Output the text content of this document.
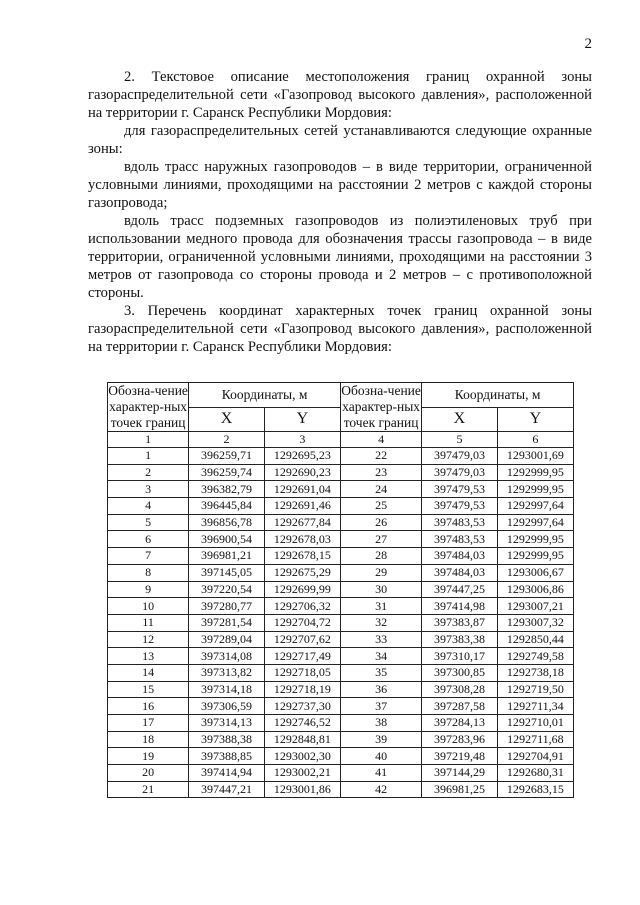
2

2. Текстовое описание местоположения границ охранной зоны газораспределительной сети «Газопровод высокого давления», расположенной на территории г. Саранск Республики Мордовия:

для газораспределительных сетей устанавливаются следующие охранные зоны:

вдоль трасс наружных газопроводов – в виде территории, ограниченной условными линиями, проходящими на расстоянии 2 метров с каждой стороны газопровода;

вдоль трасс подземных газопроводов из полиэтиленовых труб при использовании медного провода для обозначения трассы газопровода – в виде территории, ограниченной условными линиями, проходящими на расстоянии 3 метров от газопровода со стороны провода и 2 метров – с противоположной стороны.

3. Перечень координат характерных точек границ охранной зоны газораспределительной сети «Газопровод высокого давления», расположенной на территории г. Саранск Республики Мордовия:

Обозна-чение характер-ных точек границ	Координаты, м		Обозна-чение характер-ных точек границ	Координаты, м	
	X	Y		X	Y
1	2	3	4	5	6
1	396259,71	1292695,23	22	397479,03	1293001,69
2	396259,74	1292690,23	23	397479,03	1292999,95
3	396382,79	1292691,04	24	397479,53	1292999,95
4	396445,84	1292691,46	25	397479,53	1292997,64
5	396856,78	1292677,84	26	397483,53	1292997,64
6	396900,54	1292678,03	27	397483,53	1292999,95
7	396981,21	1292678,15	28	397484,03	1292999,95
8	397145,05	1292675,29	29	397484,03	1293006,67
9	397220,54	1292699,99	30	397447,25	1293006,86
10	397280,77	1292706,32	31	397414,98	1293007,21
11	397281,54	1292704,72	32	397383,87	1293007,32
12	397289,04	1292707,62	33	397383,38	1292850,44
13	397314,08	1292717,49	34	397310,17	1292749,58
14	397313,82	1292718,05	35	397300,85	1292738,18
15	397314,18	1292718,19	36	397308,28	1292719,50
16	397306,59	1292737,30	37	397287,58	1292711,34
17	397314,13	1292746,52	38	397284,13	1292710,01
18	397388,38	1292848,81	39	397283,96	1292711,68
19	397388,85	1293002,30	40	397219,48	1292704,91
20	397414,94	1293002,21	41	397144,29	1292680,31
21	397447,21	1293001,86	42	396981,25	1292683,15
